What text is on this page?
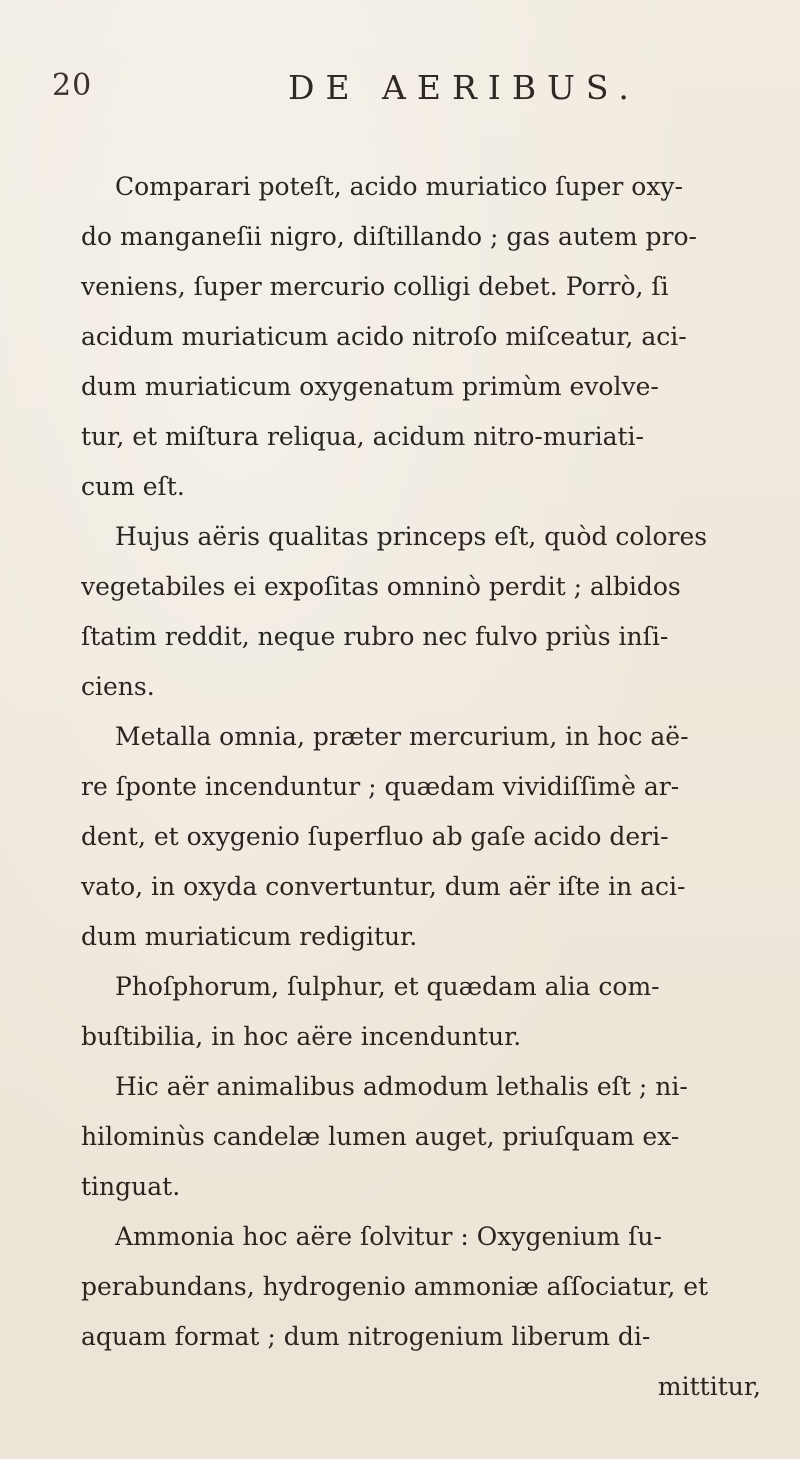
20	DE AERIBUS.
Comparari poteſt, acido muriatico ſuper oxy-
do manganeſii nigro, diſtillando ; gas autem pro-
veniens, ſuper mercurio colligi debet. Porrò, ſi
acidum muriaticum acido nitroſo miſceatur, aci-
dum muriaticum oxygenatum primùm evolve-
tur, et miſtura reliqua, acidum nitro-muriati-
cum eſt.
Hujus aëris qualitas princeps eſt, quòd colores
vegetabiles ei expoſitas omninò perdit ; albidos
ſtatim reddit, neque rubro nec fulvo priùs inſi-
ciens.
Metalla omnia, præter mercurium, in hoc aë-
re ſponte incenduntur ; quædam vividiſſimè ar-
dent, et oxygenio ſuperfluo ab gaſe acido deri-
vato, in oxyda convertuntur, dum aër iſte in aci-
dum muriaticum redigitur.
Phoſphorum, ſulphur, et quædam alia com-
buſtibilia, in hoc aëre incenduntur.
Hic aër animalibus admodum lethalis eſt ; ni-
hilominùs candelæ lumen auget, priuſquam ex-
tinguat.
Ammonia hoc aëre ſolvitur : Oxygenium ſu-
perabundans, hydrogenio ammoniæ aſſociatur, et
aquam format ; dum nitrogenium liberum di-
mittitur,
